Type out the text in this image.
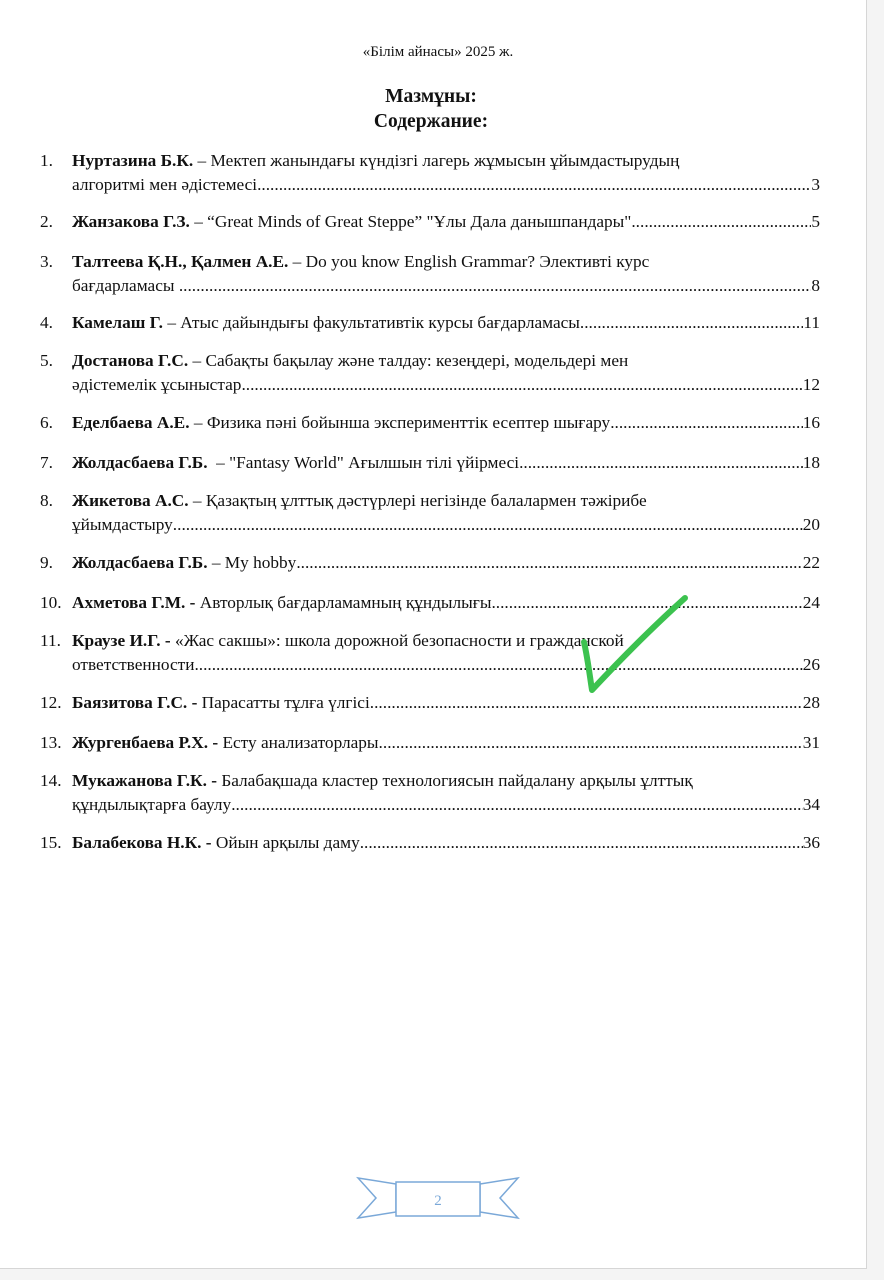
«Білім айнасы» 2025 ж.
Мазмұны:
Содержание:
1. Нуртазина Б.К. – Мектеп жанындағы күндізгі лагерь жұмысын ұйымдастырудың
алгоритмі мен әдістемесі .....	3
2. Жанзакова Г.З. – “Great Minds of Great Steppe” "Ұлы Дала данышпандары" .....	5
3. Талтеева Қ.Н., Қалмен А.Е. – Do you know English Grammar? Элективті курс
бағдарламасы .....	8
4. Камелаш Г. – Атыс дайындығы факультативтік курсы бағдарламасы .....	11
5. Достанова Г.С. – Сабақты бақылау және талдау: кезеңдері, модельдері мен
әдістемелік ұсыныстар .....	12
6. Еделбаева А.Е. – Физика пәні бойынша эксперименттік есептер шығару .....	16
7. Жолдасбаева Г.Б.  – "Fantasy World" Ағылшын тілі үйірмесі .....	18
8. Жикетова А.С. – Қазақтың ұлттық дәстүрлері негізінде балалармен тәжірибе
ұйымдастыру .....	20
9. Жолдасбаева Г.Б. – My hobby .....	22
10. Ахметова Г.М. - Авторлық бағдарламамның құндылығы .....	24
11. Краузе И.Г. - «Жас сакшы»: школа дорожной безопасности и гражданской
ответственности .....	26
12. Баязитова Г.С. - Парасатты тұлға үлгісі .....	28
13. Жургенбаева Р.Х. - Есту анализаторлары .....	31
14. Мукажанова Г.К. - Балабақшада кластер технологиясын пайдалану арқылы ұлттық
құндылықтарға баулу .....	34
15. Балабекова Н.К. - Ойын арқылы даму .....	36
2
